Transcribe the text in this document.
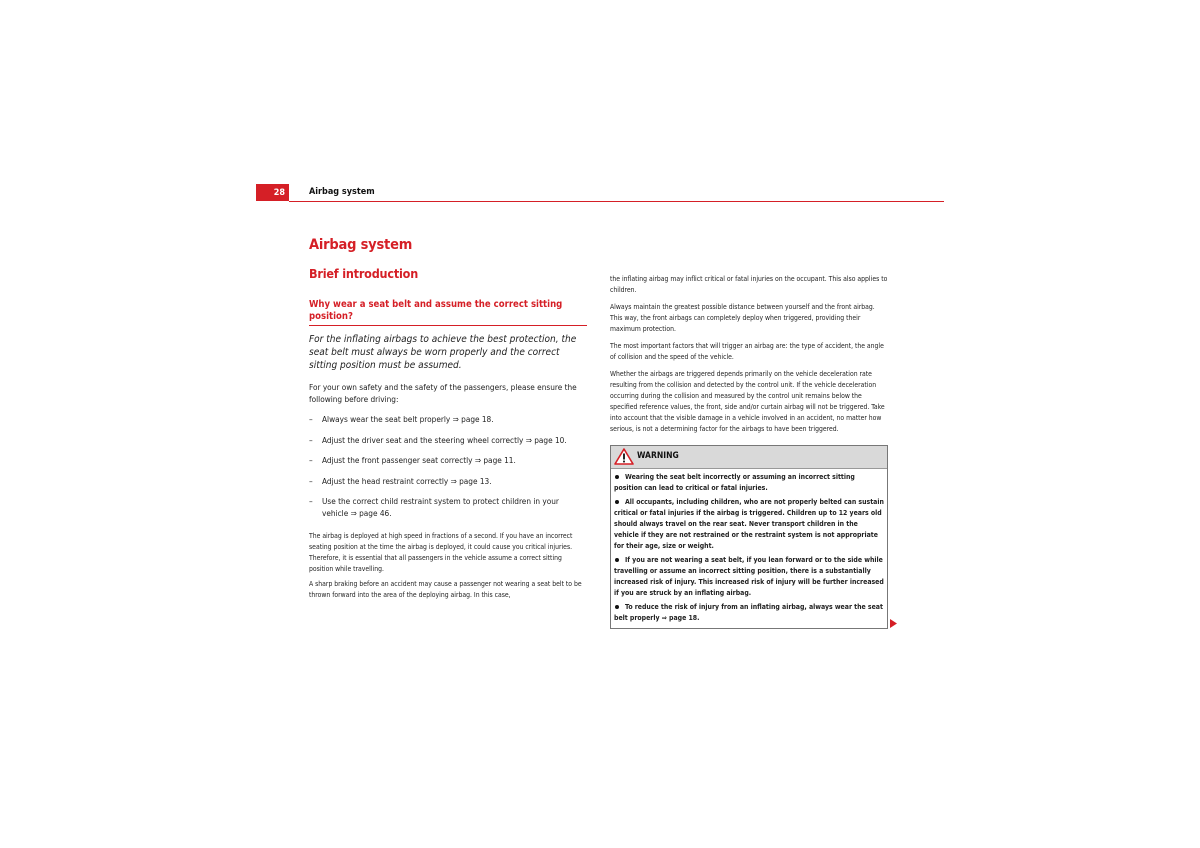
28	Airbag system
Airbag system
Brief introduction
Why wear a seat belt and assume the correct sitting position?

For the inflating airbags to achieve the best protection, the seat belt must always be worn properly and the correct sitting position must be assumed.

For your own safety and the safety of the passengers, please ensure the following before driving:

– Always wear the seat belt properly ⇒ page 18.
– Adjust the driver seat and the steering wheel correctly ⇒ page 10.
– Adjust the front passenger seat correctly ⇒ page 11.
– Adjust the head restraint correctly ⇒ page 13.
– Use the correct child restraint system to protect children in your vehicle ⇒ page 46.

The airbag is deployed at high speed in fractions of a second. If you have an incorrect seating position at the time the airbag is deployed, it could cause you critical injuries. Therefore, it is essential that all passengers in the vehicle assume a correct sitting position while travelling.

A sharp braking before an accident may cause a passenger not wearing a seat belt to be thrown forward into the area of the deploying airbag. In this case,

the inflating airbag may inflict critical or fatal injuries on the occupant. This also applies to children.

Always maintain the greatest possible distance between yourself and the front airbag. This way, the front airbags can completely deploy when triggered, providing their maximum protection.

The most important factors that will trigger an airbag are: the type of accident, the angle of collision and the speed of the vehicle.

Whether the airbags are triggered depends primarily on the vehicle deceleration rate resulting from the collision and detected by the control unit. If the vehicle deceleration occurring during the collision and measured by the control unit remains below the specified reference values, the front, side and/or curtain airbag will not be triggered. Take into account that the visible damage in a vehicle involved in an accident, no matter how serious, is not a determining factor for the airbags to have been triggered.

WARNING

Wearing the seat belt incorrectly or assuming an incorrect sitting position can lead to critical or fatal injuries.

All occupants, including children, who are not properly belted can sustain critical or fatal injuries if the airbag is triggered. Children up to 12 years old should always travel on the rear seat. Never transport children in the vehicle if they are not restrained or the restraint system is not appropriate for their age, size or weight.

If you are not wearing a seat belt, if you lean forward or to the side while travelling or assume an incorrect sitting position, there is a substantially increased risk of injury. This increased risk of injury will be further increased if you are struck by an inflating airbag.

To reduce the risk of injury from an inflating airbag, always wear the seat belt properly ⇒ page 18.
